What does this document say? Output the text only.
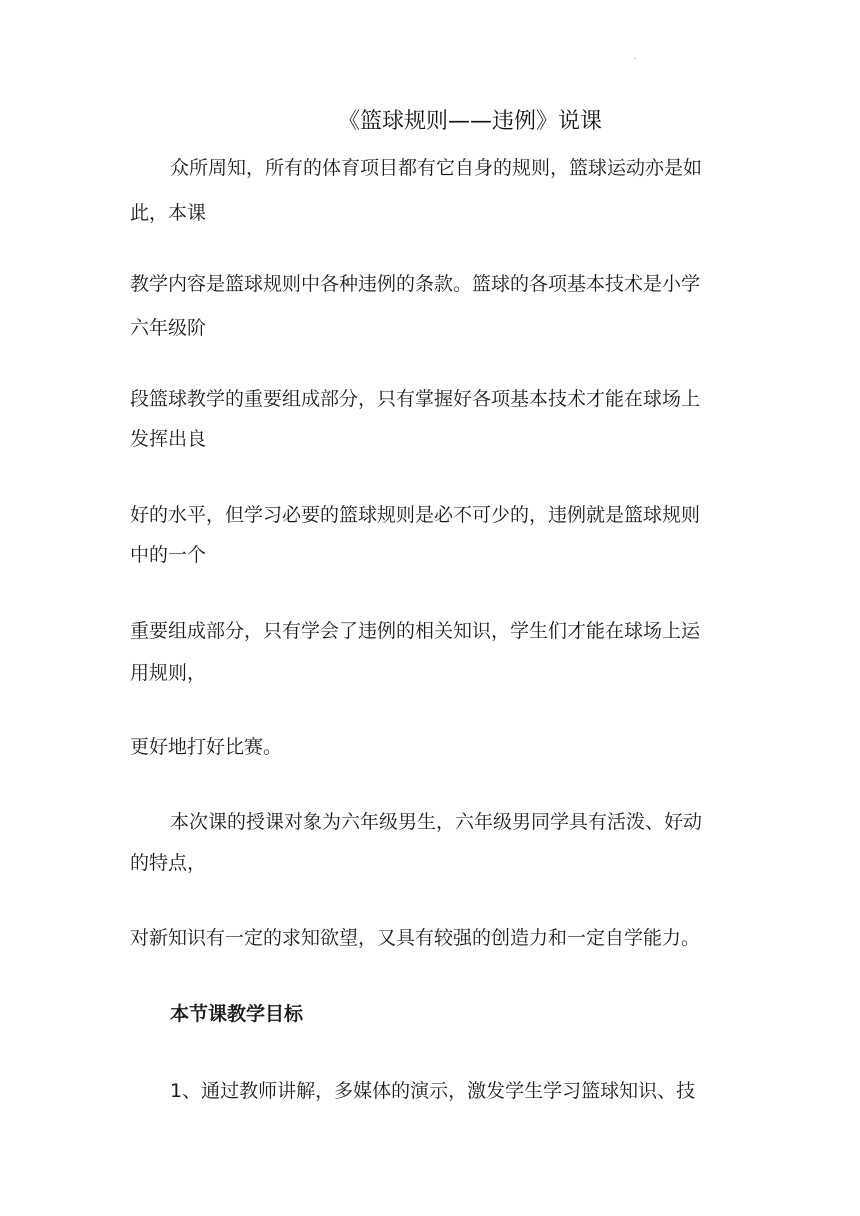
.
《篮球规则——违例》说课
众所周知，所有的体育项目都有它自身的规则，篮球运动亦是如
此，本课
教学内容是篮球规则中各种违例的条款。篮球的各项基本技术是小学
六年级阶
段篮球教学的重要组成部分，只有掌握好各项基本技术才能在球场上
发挥出良
好的水平，但学习必要的篮球规则是必不可少的，违例就是篮球规则
中的一个
重要组成部分，只有学会了违例的相关知识，学生们才能在球场上运
用规则，
更好地打好比赛。
本次课的授课对象为六年级男生，六年级男同学具有活泼、好动
的特点，
对新知识有一定的求知欲望，又具有较强的创造力和一定自学能力。
本节课教学目标
1、通过教师讲解，多媒体的演示，激发学生学习篮球知识、技
